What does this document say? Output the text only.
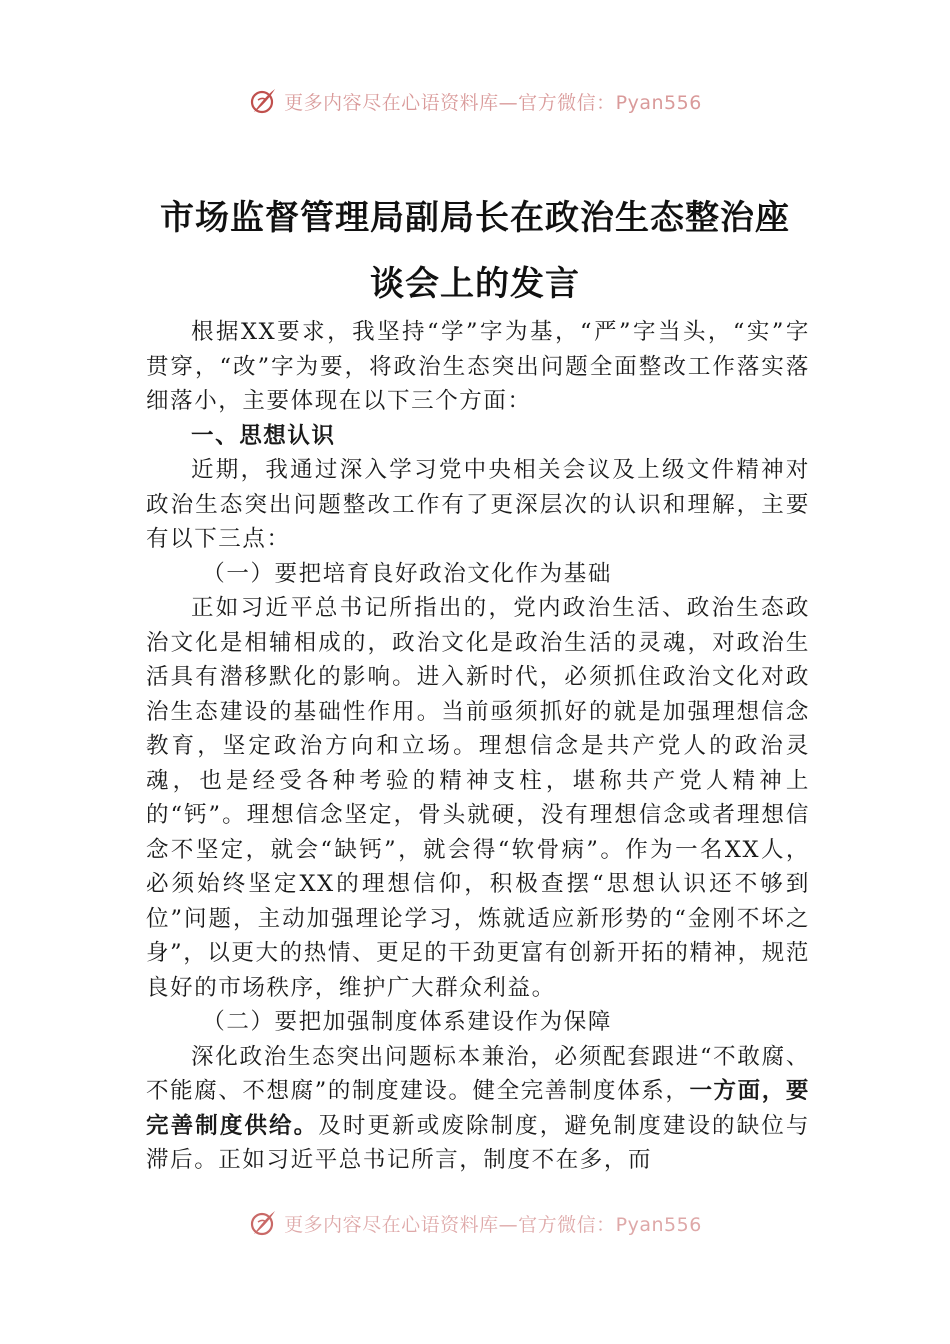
更多内容尽在心语资料库—官方微信：Pyan556
市场监督管理局副局长在政治生态整治座
谈会上的发言

根据XX要求，我坚持“学”字为基，“严”字当头，“实”字贯穿，“改”字为要，将政治生态突出问题全面整改工作落实落细落小，主要体现在以下三个方面：

一、思想认识

近期，我通过深入学习党中央相关会议及上级文件精神对政治生态突出问题整改工作有了更深层次的认识和理解，主要有以下三点：

（一）要把培育良好政治文化作为基础

正如习近平总书记所指出的，党内政治生活、政治生态政治文化是相辅相成的，政治文化是政治生活的灵魂，对政治生活具有潜移默化的影响。进入新时代，必须抓住政治文化对政治生态建设的基础性作用。当前亟须抓好的就是加强理想信念教育，坚定政治方向和立场。理想信念是共产党人的政治灵魂，也是经受各种考验的精神支柱，堪称共产党人精神上的“钙”。理想信念坚定，骨头就硬，没有理想信念或者理想信念不坚定，就会“缺钙”，就会得“软骨病”。作为一名XX人，必须始终坚定XX的理想信仰，积极查摆“思想认识还不够到位”问题，主动加强理论学习，炼就适应新形势的“金刚不坏之身”，以更大的热情、更足的干劲更富有创新开拓的精神，规范良好的市场秩序，维护广大群众利益。

（二）要把加强制度体系建设作为保障

深化政治生态突出问题标本兼治，必须配套跟进“不敢腐、不能腐、不想腐”的制度建设。健全完善制度体系，一方面，要完善制度供给。及时更新或废除制度，避免制度建设的缺位与滞后。正如习近平总书记所言，制度不在多，而

更多内容尽在心语资料库—官方微信：Pyan556
